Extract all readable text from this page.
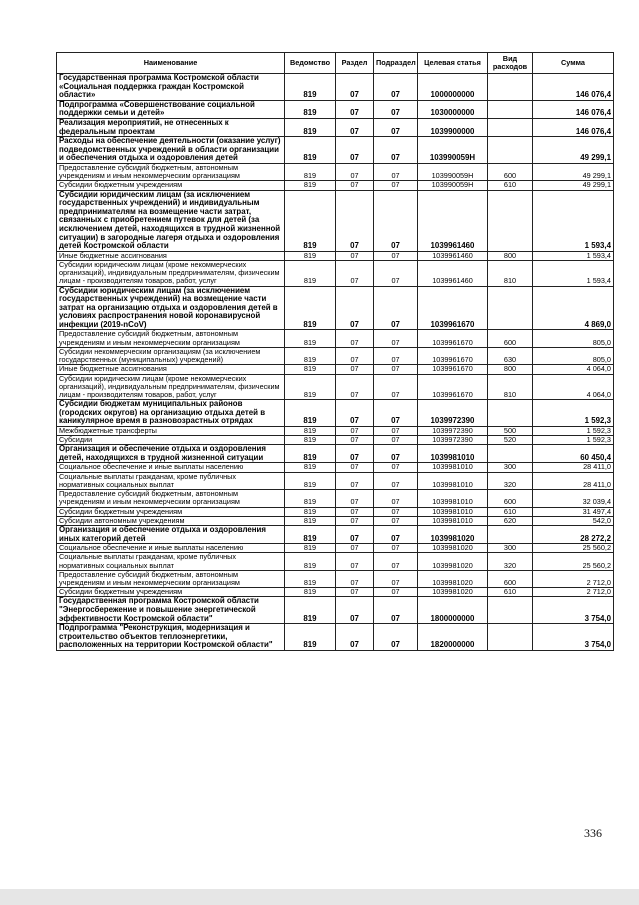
Наименование	Ведомство	Раздел	Подраздел	Целевая статья	Вид расходов	Сумма
Государственная программа Костромской области «Социальная поддержка граждан Костромской области»	819	07	07	1000000000		146 076,4
Подпрограмма «Совершенствование социальной поддержки семьи и детей»	819	07	07	1030000000		146 076,4
Реализация мероприятий, не отнесенных к федеральным проектам	819	07	07	1039900000		146 076,4
Расходы на обеспечение деятельности (оказание услуг) подведомственных учреждений в области организации и обеспечения отдыха и оздоровления детей	819	07	07	103990059Н		49 299,1
Предоставление субсидий бюджетным, автономным учреждениям и иным некоммерческим организациям	819	07	07	103990059Н	600	49 299,1
Субсидии бюджетным учреждениям	819	07	07	103990059Н	610	49 299,1
Субсидии юридическим лицам (за исключением государственных учреждений) и индивидуальным предпринимателям на возмещение части затрат, связанных с приобретением путевок для детей (за исключением детей, находящихся в трудной жизненной ситуации) в загородные лагеря отдыха и оздоровления детей Костромской области	819	07	07	1039961460		1 593,4
Иные бюджетные ассигнования	819	07	07	1039961460	800	1 593,4
Субсидии юридическим лицам (кроме некоммерческих организаций), индивидуальным предпринимателям, физическим лицам - производителям товаров, работ, услуг	819	07	07	1039961460	810	1 593,4
Субсидии юридическим лицам (за исключением государственных учреждений) на возмещение части затрат на организацию отдыха и оздоровления детей в условиях распространения новой коронавирусной инфекции (2019-nCoV)	819	07	07	1039961670		4 869,0
Предоставление субсидий бюджетным, автономным учреждениям и иным некоммерческим организациям	819	07	07	1039961670	600	805,0
Субсидии некоммерческим организациям (за исключением государственных (муниципальных) учреждений)	819	07	07	1039961670	630	805,0
Иные бюджетные ассигнования	819	07	07	1039961670	800	4 064,0
Субсидии юридическим лицам (кроме некоммерческих организаций), индивидуальным предпринимателям, физическим лицам - производителям товаров, работ, услуг	819	07	07	1039961670	810	4 064,0
Субсидии бюджетам муниципальных районов (городских округов) на организацию отдыха детей в каникулярное время в разновозрастных отрядах	819	07	07	1039972390		1 592,3
Межбюджетные трансферты	819	07	07	1039972390	500	1 592,3
Субсидии	819	07	07	1039972390	520	1 592,3
Организация и обеспечение отдыха и оздоровления детей, находящихся в трудной жизненной ситуации	819	07	07	1039981010		60 450,4
Социальное обеспечение и иные выплаты населению	819	07	07	1039981010	300	28 411,0
Социальные выплаты гражданам, кроме публичных нормативных социальных выплат	819	07	07	1039981010	320	28 411,0
Предоставление субсидий бюджетным, автономным учреждениям и иным некоммерческим организациям	819	07	07	1039981010	600	32 039,4
Субсидии бюджетным учреждениям	819	07	07	1039981010	610	31 497,4
Субсидии автономным учреждениям	819	07	07	1039981010	620	542,0
Организация и обеспечение отдыха и оздоровления иных категорий детей	819	07	07	1039981020		28 272,2
Социальное обеспечение и иные выплаты населению	819	07	07	1039981020	300	25 560,2
Социальные выплаты гражданам, кроме публичных нормативных социальных выплат	819	07	07	1039981020	320	25 560,2
Предоставление субсидий бюджетным, автономным учреждениям и иным некоммерческим организациям	819	07	07	1039981020	600	2 712,0
Субсидии бюджетным учреждениям	819	07	07	1039981020	610	2 712,0
Государственная программа Костромской области "Энергосбережение и повышение энергетической эффективности Костромской области"	819	07	07	1800000000		3 754,0
Подпрограмма "Реконструкция, модернизация и строительство объектов теплоэнергетики, расположенных на территории Костромской области"	819	07	07	1820000000		3 754,0
336
